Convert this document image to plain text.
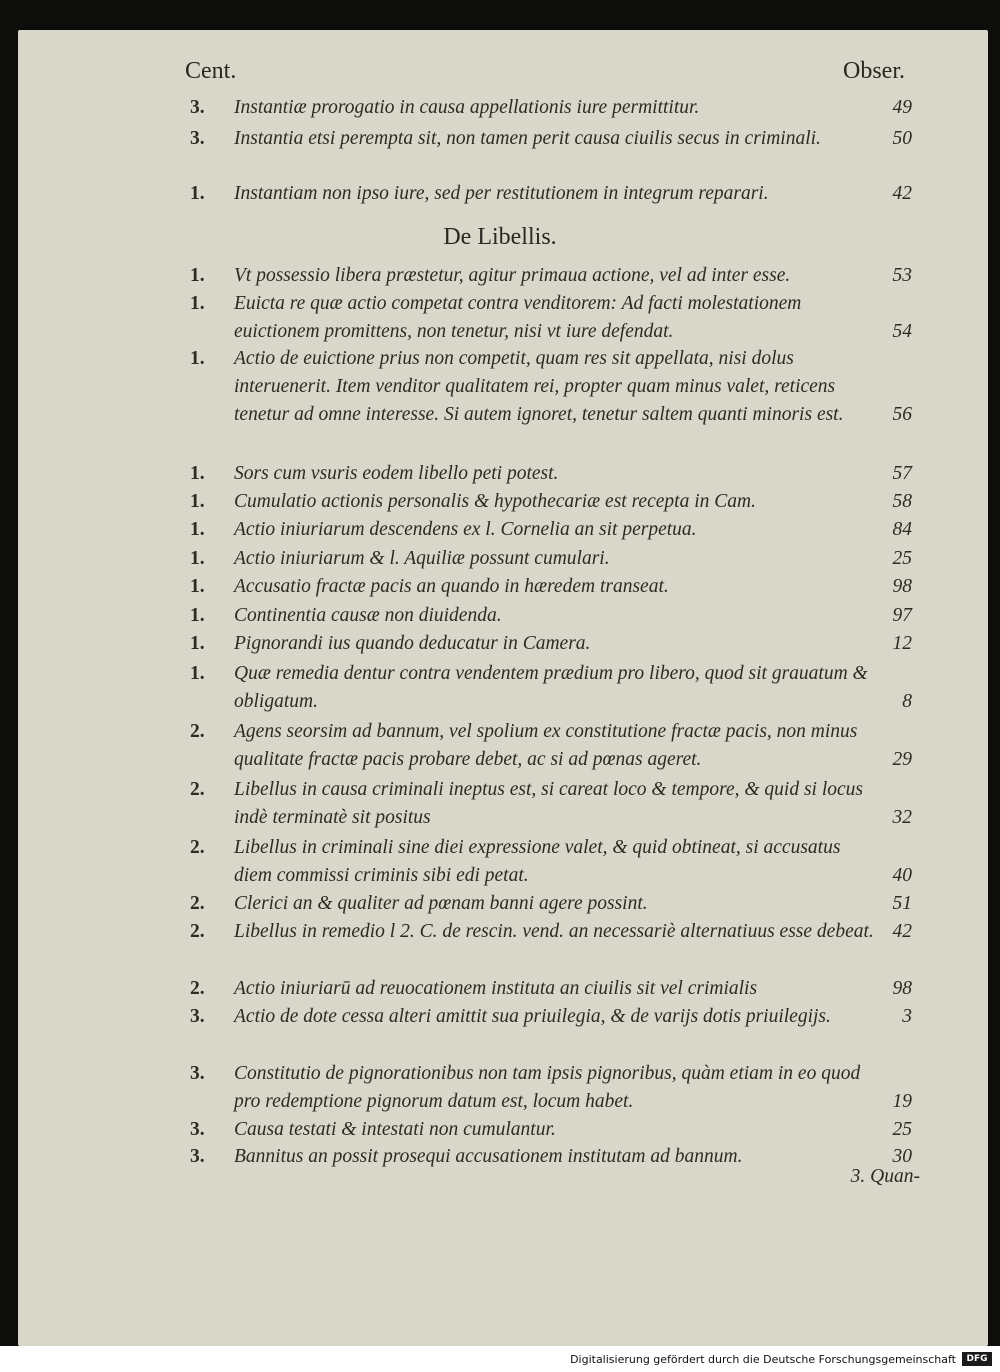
Cent.	Obser.
De Libellis.
3.	Instantiæ prorogatio in causa appellationis iure permittitur.	49
3.	Instantia etsi perempta sit, non tamen perit causa ciuilis secus in criminali.	50
1.	Instantiam non ipso iure, sed per restitutionem in integrum reparari.	42
1.	Vt possessio libera præstetur, agitur primaua actione, vel ad inter esse.	53
1.	Euicta re quæ actio competat contra venditorem: Ad facti molestationem euictionem promittens, non tenetur, nisi vt iure defendat.	54
1.	Actio de euictione prius non competit, quam res sit appellata, nisi dolus interuenerit. Item venditor qualitatem rei, propter quam minus valet, reticens tenetur ad omne interesse. Si autem ignoret, tenetur saltem quanti minoris est.	56
1.	Sors cum vsuris eodem libello peti potest.	57
1.	Cumulatio actionis personalis & hypothecariæ est recepta in Cam.	58
1.	Actio iniuriarum descendens ex l. Cornelia an sit perpetua.	84
1.	Actio iniuriarum & l. Aquiliæ possunt cumulari.	25
1.	Accusatio fractæ pacis an quando in hæredem transeat.	98
1.	Continentia causæ non diuidenda.	97
1.	Pignorandi ius quando deducatur in Camera.	12
1.	Quæ remedia dentur contra vendentem prædium pro libero, quod sit grauatum & obligatum.	8
2.	Agens seorsim ad bannum, vel spolium ex constitutione fractæ pacis, non minus qualitate fractæ pacis probare debet, ac si ad pœnas ageret.	29
2.	Libellus in causa criminali ineptus est, si careat loco & tempore, & quid si locus indè terminatè sit positus	32
2.	Libellus in criminali sine diei expressione valet, & quid obtineat, si accusatus diem commissi criminis sibi edi petat.	40
2.	Clerici an & qualiter ad pœnam banni agere possint.	51
2.	Libellus in remedio l 2. C. de rescin. vend. an necessariè alternatiuus esse debeat. 42
2.	Actio iniuriarū ad reuocationem instituta an ciuilis sit vel crimialis	98
3.	Actio de dote cessa alteri amittit sua priuilegia, & de varijs dotis priuilegijs.	3
3.	Constitutio de pignorationibus non tam ipsis pignoribus, quàm etiam in eo quod pro redemptione pignorum datum est, locum habet.	19
3.	Causa testati & intestati non cumulantur.	25
3.	Bannitus an possit prosequi accusationem institutam ad bannum.	30
3. Quan-
Digitalisierung gefördert durch die Deutsche Forschungsgemeinschaft	DFG
